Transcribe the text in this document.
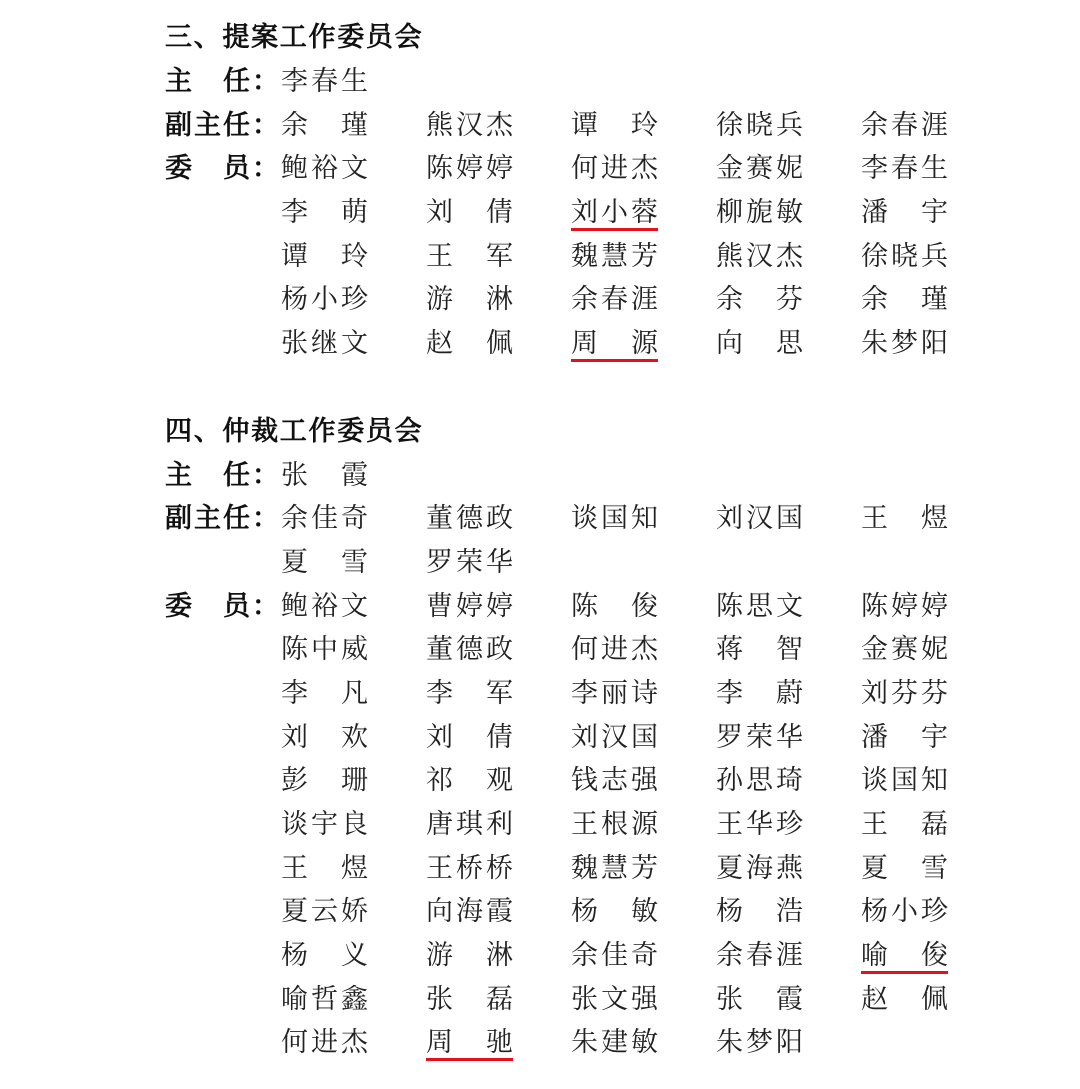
三、提案工作委员会
主　任： 李春生
副主任： 余　瑾 熊汉杰 谭　玲 徐晓兵 余春涯
委　员： 鲍裕文 陈婷婷 何进杰 金赛妮 李春生
李　萌 刘　倩 刘小蓉 柳旎敏 潘　宇
谭　玲 王　军 魏慧芳 熊汉杰 徐晓兵
杨小珍 游　淋 余春涯 余　芬 余　瑾
张继文 赵　佩 周　源 向　思 朱梦阳
四、仲裁工作委员会
主　任： 张　霞
副主任： 余佳奇 董德政 谈国知 刘汉国 王　煜
夏　雪 罗荣华
委　员： 鲍裕文 曹婷婷 陈　俊 陈思文 陈婷婷
陈中威 董德政 何进杰 蒋　智 金赛妮
李　凡 李　军 李丽诗 李　蔚 刘芬芬
刘　欢 刘　倩 刘汉国 罗荣华 潘　宇
彭　珊 祁　观 钱志强 孙思琦 谈国知
谈宇良 唐琪利 王根源 王华珍 王　磊
王　煜 王桥桥 魏慧芳 夏海燕 夏　雪
夏云娇 向海霞 杨　敏 杨　浩 杨小珍
杨　义 游　淋 余佳奇 余春涯 喻　俊
喻哲鑫 张　磊 张文强 张　霞 赵　佩
何进杰 周　驰 朱建敏 朱梦阳
